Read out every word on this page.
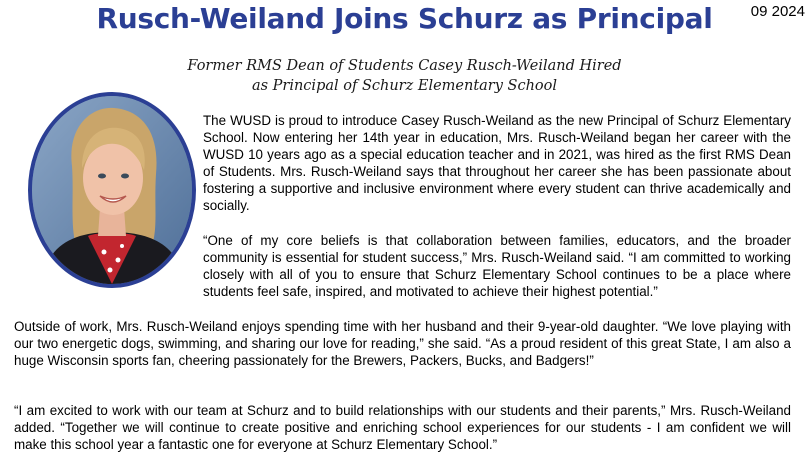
Rusch-Weiland Joins Schurz as Principal	09 2024
Former RMS Dean of Students Casey Rusch-Weiland Hired
as Principal of Schurz Elementary School

The WUSD is proud to introduce Casey Rusch-Weiland as the new Principal of Schurz Elementary School. Now entering her 14th year in education, Mrs. Rusch-Weiland began her career with the WUSD 10 years ago as a special education teacher and in 2021, was hired as the first RMS Dean of Students. Mrs. Rusch-Weiland says that throughout her career she has been passionate about fostering a supportive and inclusive environment where every student can thrive academically and socially.

“One of my core beliefs is that collaboration between families, educators, and the broader community is essential for student success,” Mrs. Rusch-Weiland said. “I am committed to working closely with all of you to ensure that Schurz Elementary School continues to be a place where students feel safe, inspired, and motivated to achieve their highest potential.”

Outside of work, Mrs. Rusch-Weiland enjoys spending time with her husband and their 9-year-old daughter. “We love playing with our two energetic dogs, swimming, and sharing our love for reading,” she said. “As a proud resident of this great State, I am also a huge Wisconsin sports fan, cheering passionately for the Brewers, Packers, Bucks, and Badgers!”

“I am excited to work with our team at Schurz and to build relationships with our students and their parents,” Mrs. Rusch-Weiland added. “Together we will continue to create positive and enriching school experiences for our students - I am confident we will make this school year a fantastic one for everyone at Schurz Elementary School.”
